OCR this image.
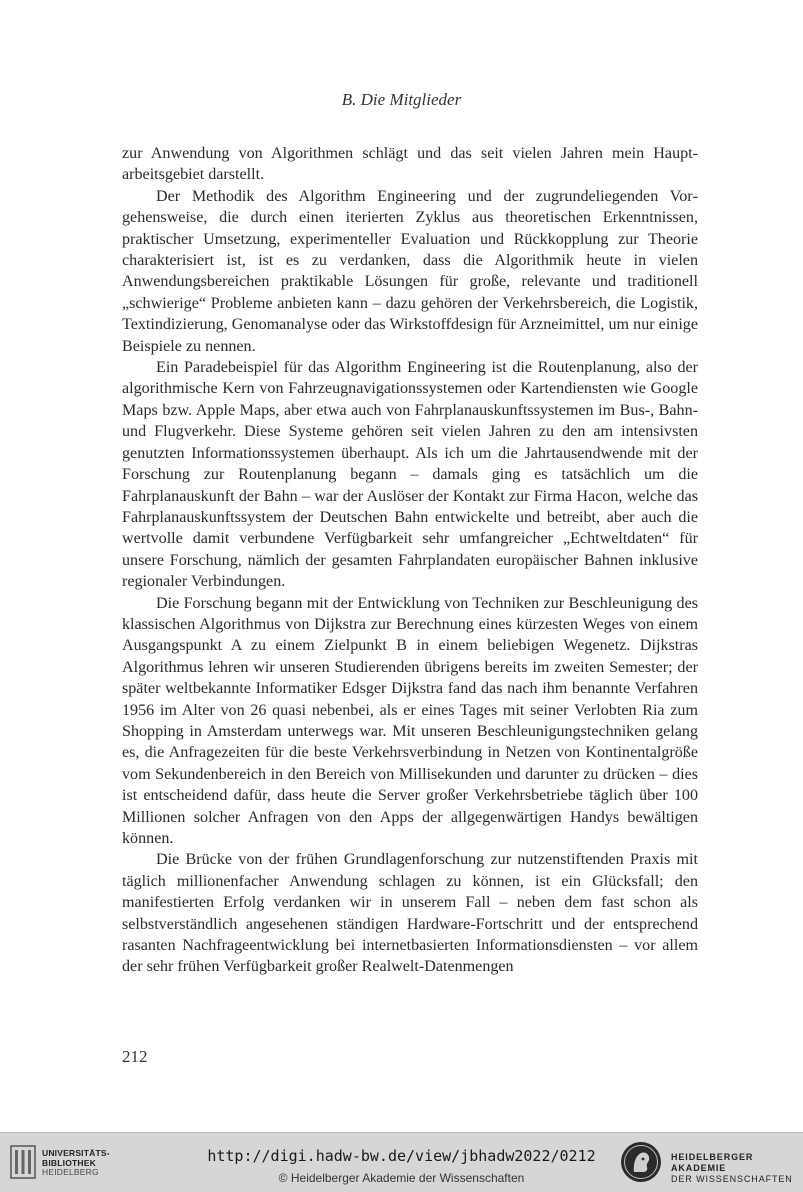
B. Die Mitglieder

zur Anwendung von Algorithmen schlägt und das seit vielen Jahren mein Hauptarbeitsgebiet darstellt.

Der Methodik des Algorithm Engineering und der zugrundeliegenden Vorgehensweise, die durch einen iterierten Zyklus aus theoretischen Erkenntnissen, praktischer Umsetzung, experimenteller Evaluation und Rückkopplung zur Theorie charakterisiert ist, ist es zu verdanken, dass die Algorithmik heute in vielen Anwendungsbereichen praktikable Lösungen für große, relevante und traditionell „schwierige“ Probleme anbieten kann – dazu gehören der Verkehrsbereich, die Logistik, Textindizierung, Genomanalyse oder das Wirkstoffdesign für Arzneimittel, um nur einige Beispiele zu nennen.

Ein Paradebeispiel für das Algorithm Engineering ist die Routenplanung, also der algorithmische Kern von Fahrzeugnavigationssystemen oder Kartendiensten wie Google Maps bzw. Apple Maps, aber etwa auch von Fahrplanauskunftssystemen im Bus-, Bahn- und Flugverkehr. Diese Systeme gehören seit vielen Jahren zu den am intensivsten genutzten Informationssystemen überhaupt. Als ich um die Jahrtausendwende mit der Forschung zur Routenplanung begann – damals ging es tatsächlich um die Fahrplanauskunft der Bahn – war der Auslöser der Kontakt zur Firma Hacon, welche das Fahrplanauskunftssystem der Deutschen Bahn entwickelte und betreibt, aber auch die wertvolle damit verbundene Verfügbarkeit sehr umfangreicher „Echtweltdaten“ für unsere Forschung, nämlich der gesamten Fahrplandaten europäischer Bahnen inklusive regionaler Verbindungen.

Die Forschung begann mit der Entwicklung von Techniken zur Beschleunigung des klassischen Algorithmus von Dijkstra zur Berechnung eines kürzesten Weges von einem Ausgangspunkt A zu einem Zielpunkt B in einem beliebigen Wegenetz. Dijkstras Algorithmus lehren wir unseren Studierenden übrigens bereits im zweiten Semester; der später weltbekannte Informatiker Edsger Dijkstra fand das nach ihm benannte Verfahren 1956 im Alter von 26 quasi nebenbei, als er eines Tages mit seiner Verlobten Ria zum Shopping in Amsterdam unterwegs war. Mit unseren Beschleunigungstechniken gelang es, die Anfragezeiten für die beste Verkehrsverbindung in Netzen von Kontinentalgröße vom Sekundenbereich in den Bereich von Millisekunden und darunter zu drücken – dies ist entscheidend dafür, dass heute die Server großer Verkehrsbetriebe täglich über 100 Millionen solcher Anfragen von den Apps der allgegenwärtigen Handys bewältigen können.

Die Brücke von der frühen Grundlagenforschung zur nutzenstiftenden Praxis mit täglich millionenfacher Anwendung schlagen zu können, ist ein Glücksfall; den manifestierten Erfolg verdanken wir in unserem Fall – neben dem fast schon als selbstverständlich angesehenen ständigen Hardware-Fortschritt und der entsprechend rasanten Nachfrageentwicklung bei internetbasierten Informationsdiensten – vor allem der sehr frühen Verfügbarkeit großer Realwelt-Datenmengen

212
UNIVERSITÄTS-
BIBLIOTHEK
HEIDELBERG
http://digi.hadw-bw.de/view/jbhadw2022/0212
© Heidelberger Akademie der Wissenschaften
HEIDELBERGER AKADEMIE
DER WISSENSCHAFTEN
